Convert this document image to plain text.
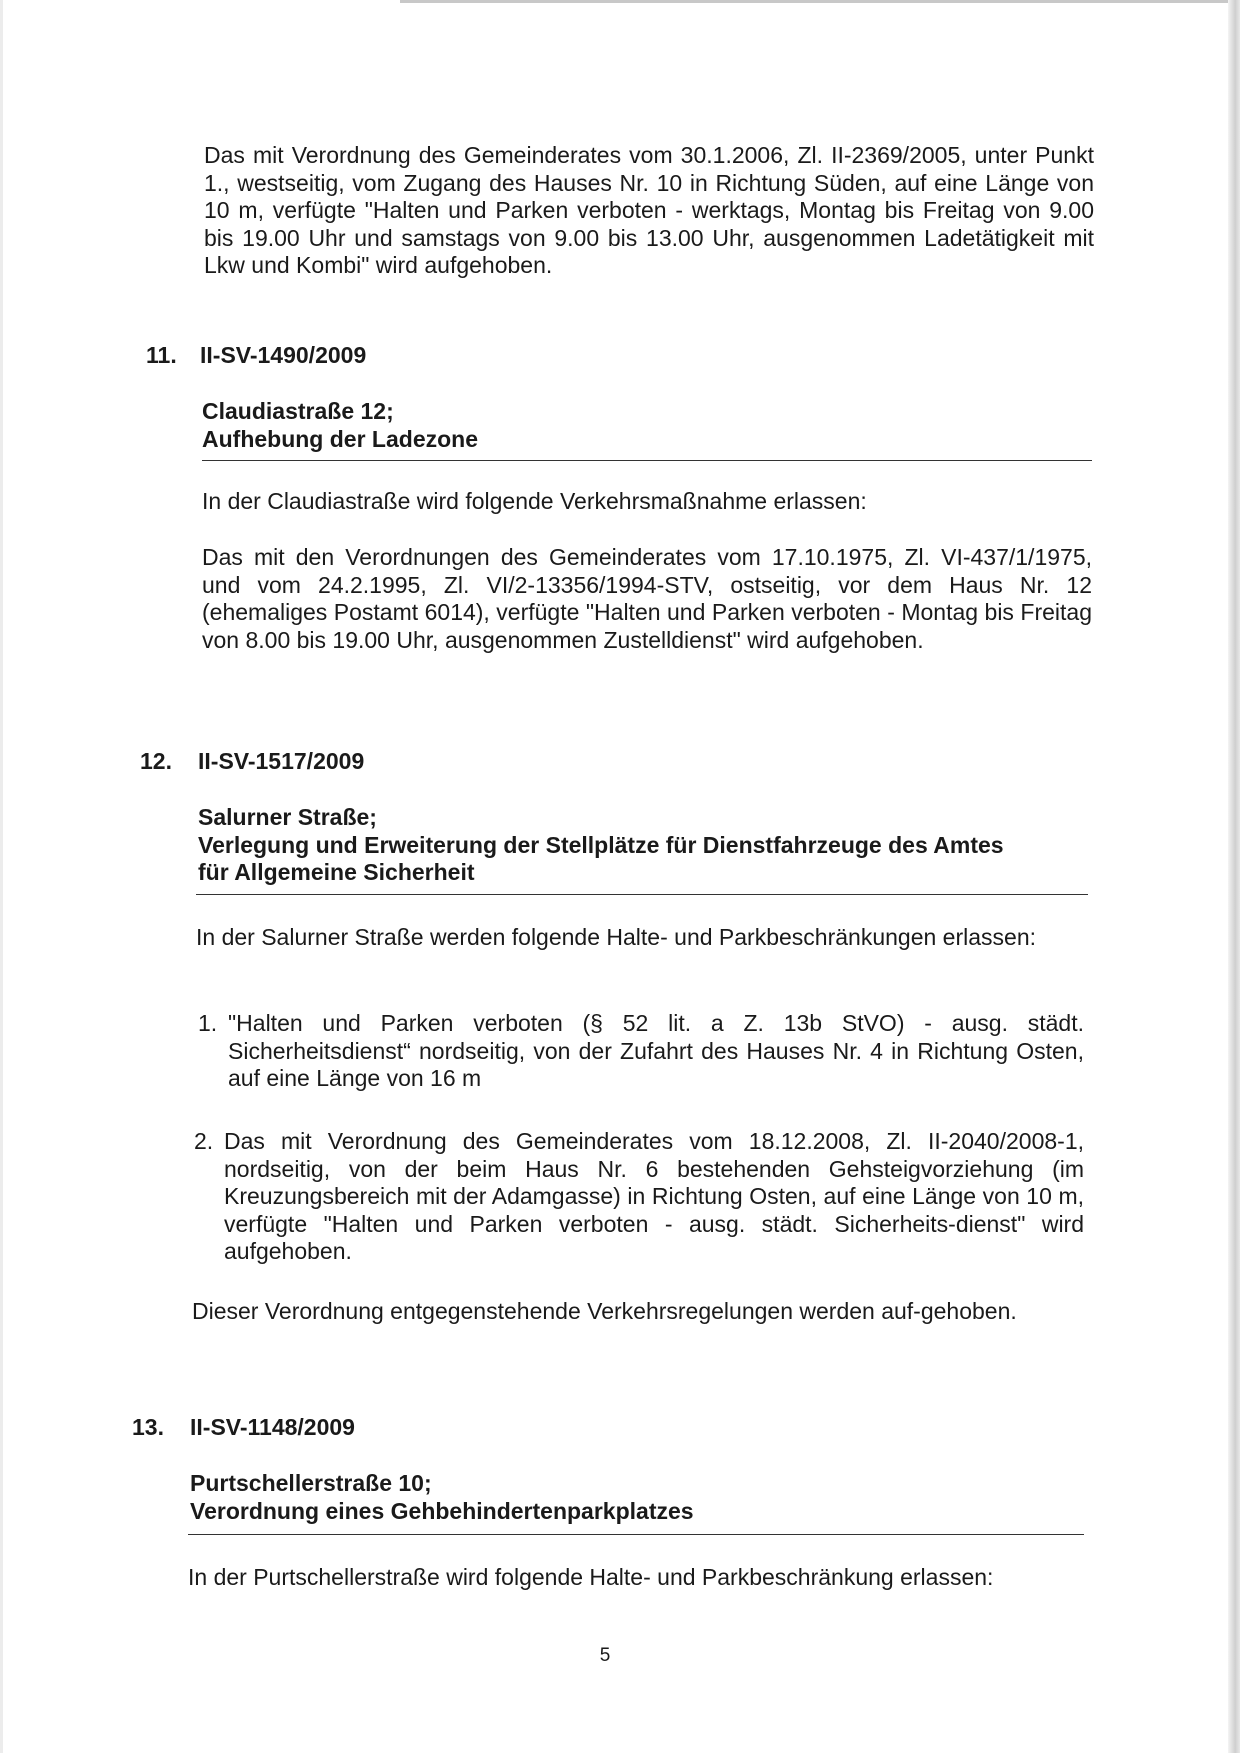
Das mit Verordnung des Gemeinderates vom 30.1.2006, Zl. II-2369/2005, unter Punkt 1., westseitig, vom Zugang des Hauses Nr. 10 in Richtung Süden, auf eine Länge von 10 m, verfügte "Halten und Parken verboten - werktags, Montag bis Freitag von 9.00 bis 19.00 Uhr und samstags von 9.00 bis 13.00 Uhr, ausgenommen Ladetätigkeit mit Lkw und Kombi" wird aufgehoben.

11. II-SV-1490/2009
Claudiastraße 12;
Aufhebung der Ladezone

In der Claudiastraße wird folgende Verkehrsmaßnahme erlassen:

Das mit den Verordnungen des Gemeinderates vom 17.10.1975, Zl. VI-437/1/1975, und vom 24.2.1995, Zl. VI/2-13356/1994-STV, ostseitig, vor dem Haus Nr. 12 (ehemaliges Postamt 6014), verfügte "Halten und Parken verboten - Montag bis Freitag von 8.00 bis 19.00 Uhr, ausgenommen Zustelldienst" wird aufgehoben.

12. II-SV-1517/2009
Salurner Straße;
Verlegung und Erweiterung der Stellplätze für Dienstfahrzeuge des Amtes
für Allgemeine Sicherheit

In der Salurner Straße werden folgende Halte- und Parkbeschränkungen erlassen:

1. "Halten und Parken verboten (§ 52 lit. a Z. 13b StVO) - ausg. städt. Sicherheitsdienst“ nordseitig, von der Zufahrt des Hauses Nr. 4 in Richtung Osten, auf eine Länge von 16 m
2. Das mit Verordnung des Gemeinderates vom 18.12.2008, Zl. II-2040/2008-1, nordseitig, von der beim Haus Nr. 6 bestehenden Gehsteigvorziehung (im Kreuzungsbereich mit der Adamgasse) in Richtung Osten, auf eine Länge von 10 m, verfügte "Halten und Parken verboten - ausg. städt. Sicherheits-dienst" wird aufgehoben.

Dieser Verordnung entgegenstehende Verkehrsregelungen werden auf-gehoben.

13. II-SV-1148/2009
Purtschellerstraße 10;
Verordnung eines Gehbehindertenparkplatzes

In der Purtschellerstraße wird folgende Halte- und Parkbeschränkung erlassen:

5
